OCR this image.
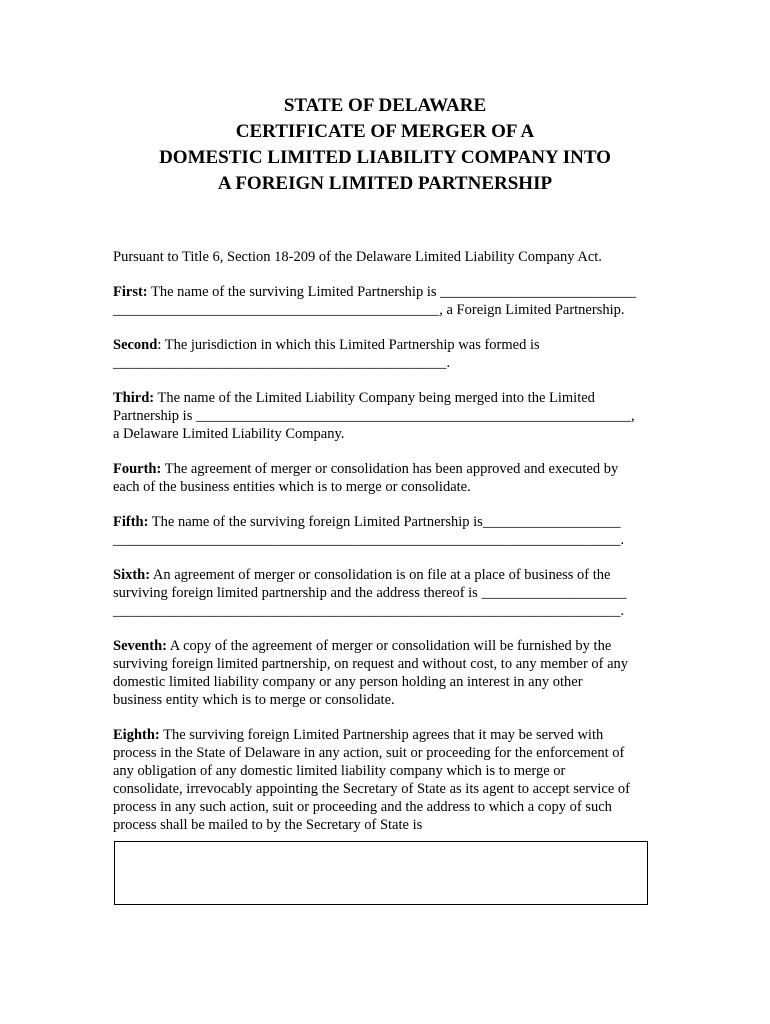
STATE OF DELAWARE
CERTIFICATE OF MERGER OF A
DOMESTIC LIMITED LIABILITY COMPANY INTO
A FOREIGN LIMITED PARTNERSHIP

Pursuant to Title 6, Section 18-209 of the Delaware Limited Liability Company Act.

First: The name of the surviving Limited Partnership is ___________________________

_____________________________________________, a Foreign Limited Partnership.

Second: The jurisdiction in which this Limited Partnership was formed is

______________________________________________.

Third: The name of the Limited Liability Company being merged into the Limited

Partnership is ____________________________________________________________,

a Delaware Limited Liability Company.

Fourth: The agreement of merger or consolidation has been approved and executed by

each of the business entities which is to merge or consolidate.

Fifth: The name of the surviving foreign Limited Partnership is___________________

______________________________________________________________________.

Sixth: An agreement of merger or consolidation is on file at a place of business of the

surviving foreign limited partnership and the address thereof is ____________________

______________________________________________________________________.

Seventh: A copy of the agreement of merger or consolidation will be furnished by the

surviving foreign limited partnership, on request and without cost, to any member of any

domestic limited liability company or any person holding an interest in any other

business entity which is to merge or consolidate.

Eighth: The surviving foreign Limited Partnership agrees that it may be served with

process in the State of Delaware in any action, suit or proceeding for the enforcement of

any obligation of any domestic limited liability company which is to merge or

consolidate, irrevocably appointing the Secretary of State as its agent to accept service of

process in any such action, suit or proceeding and the address to which a copy of such

process shall be mailed to by the Secretary of State is
